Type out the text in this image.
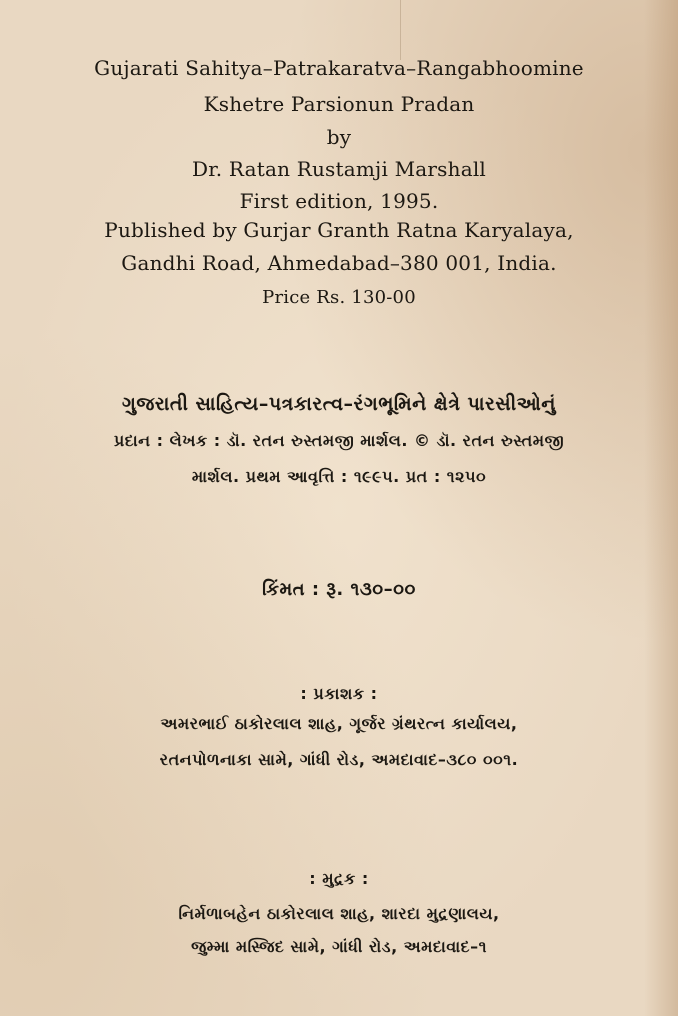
Gujarati Sahitya–Patrakaratva–Rangabhoomine
Kshetre Parsionun Pradan
by
Dr. Ratan Rustamji Marshall
First edition, 1995.
Published by Gurjar Granth Ratna Karyalaya,
Gandhi Road, Ahmedabad–380 001, India.
Price Rs. 130-00
ગુજરાતી સાહિત્ય–પત્રકારત્વ–રંગભૂમિને ક્ષેત્રે પારસીઓનું
પ્રદાન : લેખક : ડૉ. રતન રુસ્તમજી માર્શલ. © ડૉ. રતન રુસ્તમજી
માર્શલ. પ્રથમ આવૃત્તિ : ૧૯૯૫. પ્રત : ૧૨૫૦
કિંમત : રૂ. ૧૩૦–૦૦
: પ્રકાશક :
અમરભાઈ ઠાકોરલાલ શાહ, ગૂર્જર ગ્રંથરત્ન કાર્યાલય,
રતનપોળનાકા સામે, ગાંધી રોડ, અમદાવાદ–૩૮૦ ૦૦૧.
: મુદ્રક :
નિર્મળાબહેન ઠાકોરલાલ શાહ, શારદા મુદ્રણાલય,
જુમ્મા મસ્જિદ સામે, ગાંધી રોડ, અમદાવાદ–૧
